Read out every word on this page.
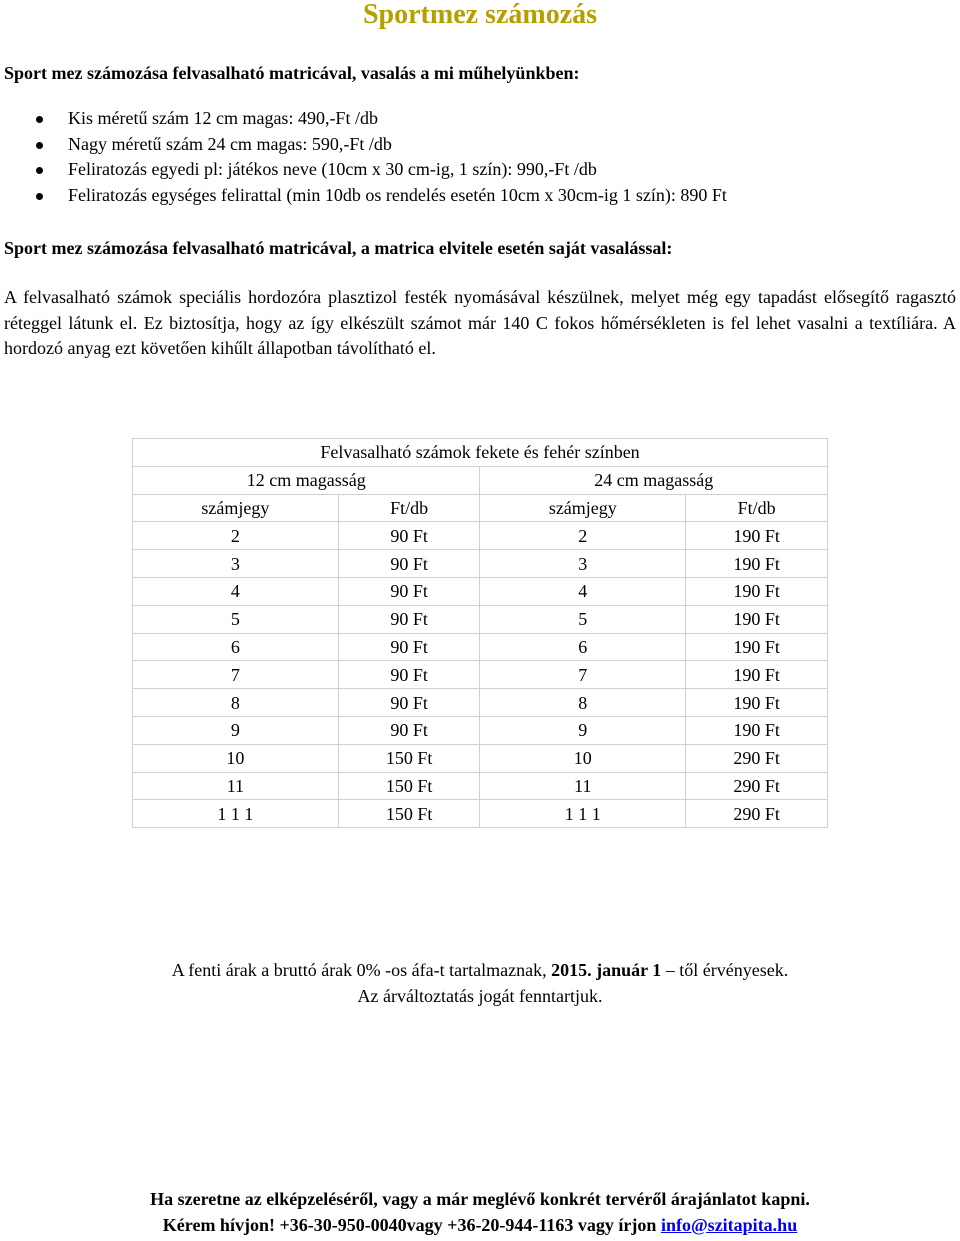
Sportmez számozás
Sport mez számozása felvasalható matricával, vasalás a mi műhelyünkben:
Kis méretű szám 12 cm magas: 490,-Ft /db
Nagy méretű szám 24 cm magas: 590,-Ft /db
Feliratozás egyedi pl: játékos neve (10cm x 30 cm-ig, 1 szín): 990,-Ft /db
Feliratozás egységes felirattal (min 10db os rendelés esetén 10cm x 30cm-ig 1 szín): 890 Ft
Sport mez számozása felvasalható matricával, a matrica elvitele esetén saját vasalással:
A felvasalható számok speciális hordozóra plasztizol festék nyomásával készülnek, melyet még egy tapadást elősegítő ragasztó réteggel látunk el. Ez biztosítja, hogy az így elkészült számot már 140 C fokos hőmérsékleten is fel lehet vasalni a textíliára. A hordozó anyag ezt követően kihűlt állapotban távolítható el.
Felvasalható számok fekete és fehér színben			
12 cm magasság		24 cm magasság	
számjegy	Ft/db	számjegy	Ft/db
2	90 Ft	2	190 Ft
3	90 Ft	3	190 Ft
4	90 Ft	4	190 Ft
5	90 Ft	5	190 Ft
6	90 Ft	6	190 Ft
7	90 Ft	7	190 Ft
8	90 Ft	8	190 Ft
9	90 Ft	9	190 Ft
10	150 Ft	10	290 Ft
11	150 Ft	11	290 Ft
1 1 1	150 Ft	1 1 1	290 Ft
A fenti árak a bruttó árak 0% -os áfa-t tartalmaznak, 2015. január 1 – től érvényesek.
Az árváltoztatás jogát fenntartjuk.
Ha szeretne az elképzeléséről, vagy a már meglévő konkrét tervéről árajánlatot kapni.
Kérem hívjon! +36-30-950-0040vagy +36-20-944-1163 vagy írjon info@szitapita.hu
